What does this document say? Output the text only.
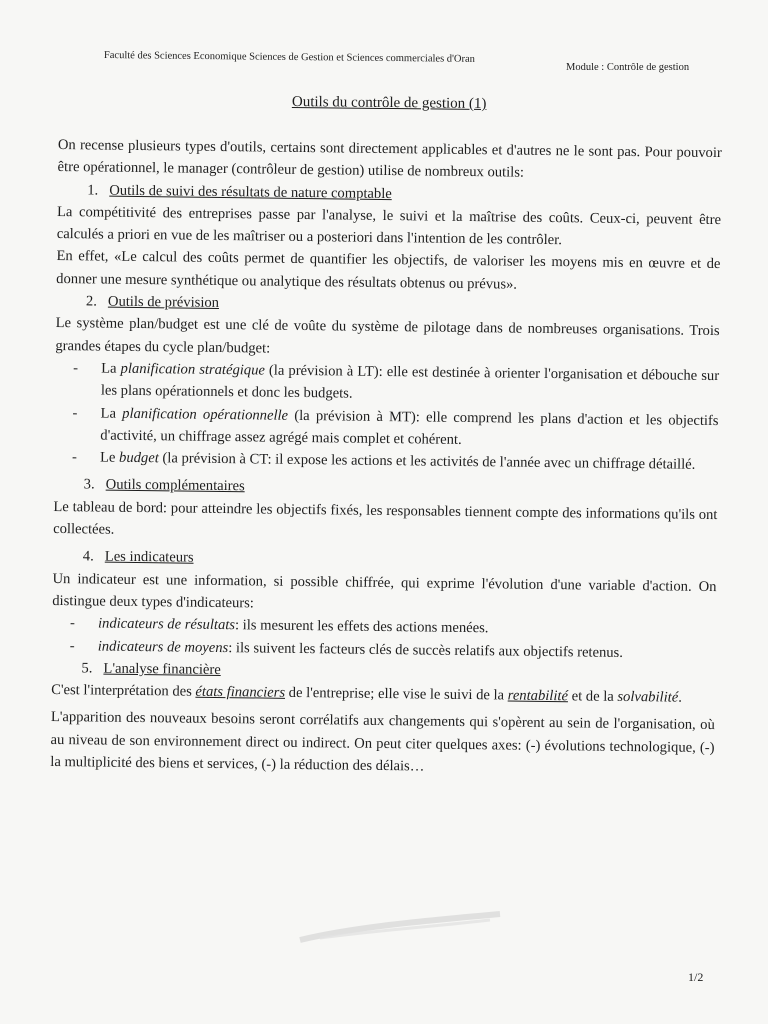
Faculté des Sciences Economique Sciences de Gestion et Sciences commerciales d'Oran
Module : Contrôle de gestion
Outils du contrôle de gestion (1)

On recense plusieurs types d'outils, certains sont directement applicables et d'autres ne le sont pas. Pour pouvoir être opérationnel, le manager (contrôleur de gestion) utilise de nombreux outils:

1. Outils de suivi des résultats de nature comptable

La compétitivité des entreprises passe par l'analyse, le suivi et la maîtrise des coûts. Ceux-ci, peuvent être calculés a priori en vue de les maîtriser ou a posteriori dans l'intention de les contrôler.

En effet, «Le calcul des coûts permet de quantifier les objectifs, de valoriser les moyens mis en œuvre et de donner une mesure synthétique ou analytique des résultats obtenus ou prévus».

2. Outils de prévision

Le système plan/budget est une clé de voûte du système de pilotage dans de nombreuses organisations. Trois grandes étapes du cycle plan/budget:

- La planification stratégique (la prévision à LT): elle est destinée à orienter l'organisation et débouche sur les plans opérationnels et donc les budgets.
- La planification opérationnelle (la prévision à MT): elle comprend les plans d'action et les objectifs d'activité, un chiffrage assez agrégé mais complet et cohérent.
- Le budget (la prévision à CT: il expose les actions et les activités de l'année avec un chiffrage détaillé.
3. Outils complémentaires

Le tableau de bord: pour atteindre les objectifs fixés, les responsables tiennent compte des informations qu'ils ont collectées.

4. Les indicateurs

Un indicateur est une information, si possible chiffrée, qui exprime l'évolution d'une variable d'action. On distingue deux types d'indicateurs:

- indicateurs de résultats: ils mesurent les effets des actions menées.
- indicateurs de moyens: ils suivent les facteurs clés de succès relatifs aux objectifs retenus.
5. L'analyse financière

C'est l'interprétation des états financiers de l'entreprise; elle vise le suivi de la rentabilité et de la solvabilité.

L'apparition des nouveaux besoins seront corrélatifs aux changements qui s'opèrent au sein de l'organisation, où au niveau de son environnement direct ou indirect. On peut citer quelques axes: (-) évolutions technologique, (-) la multiplicité des biens et services, (-) la réduction des délais…

1/2
